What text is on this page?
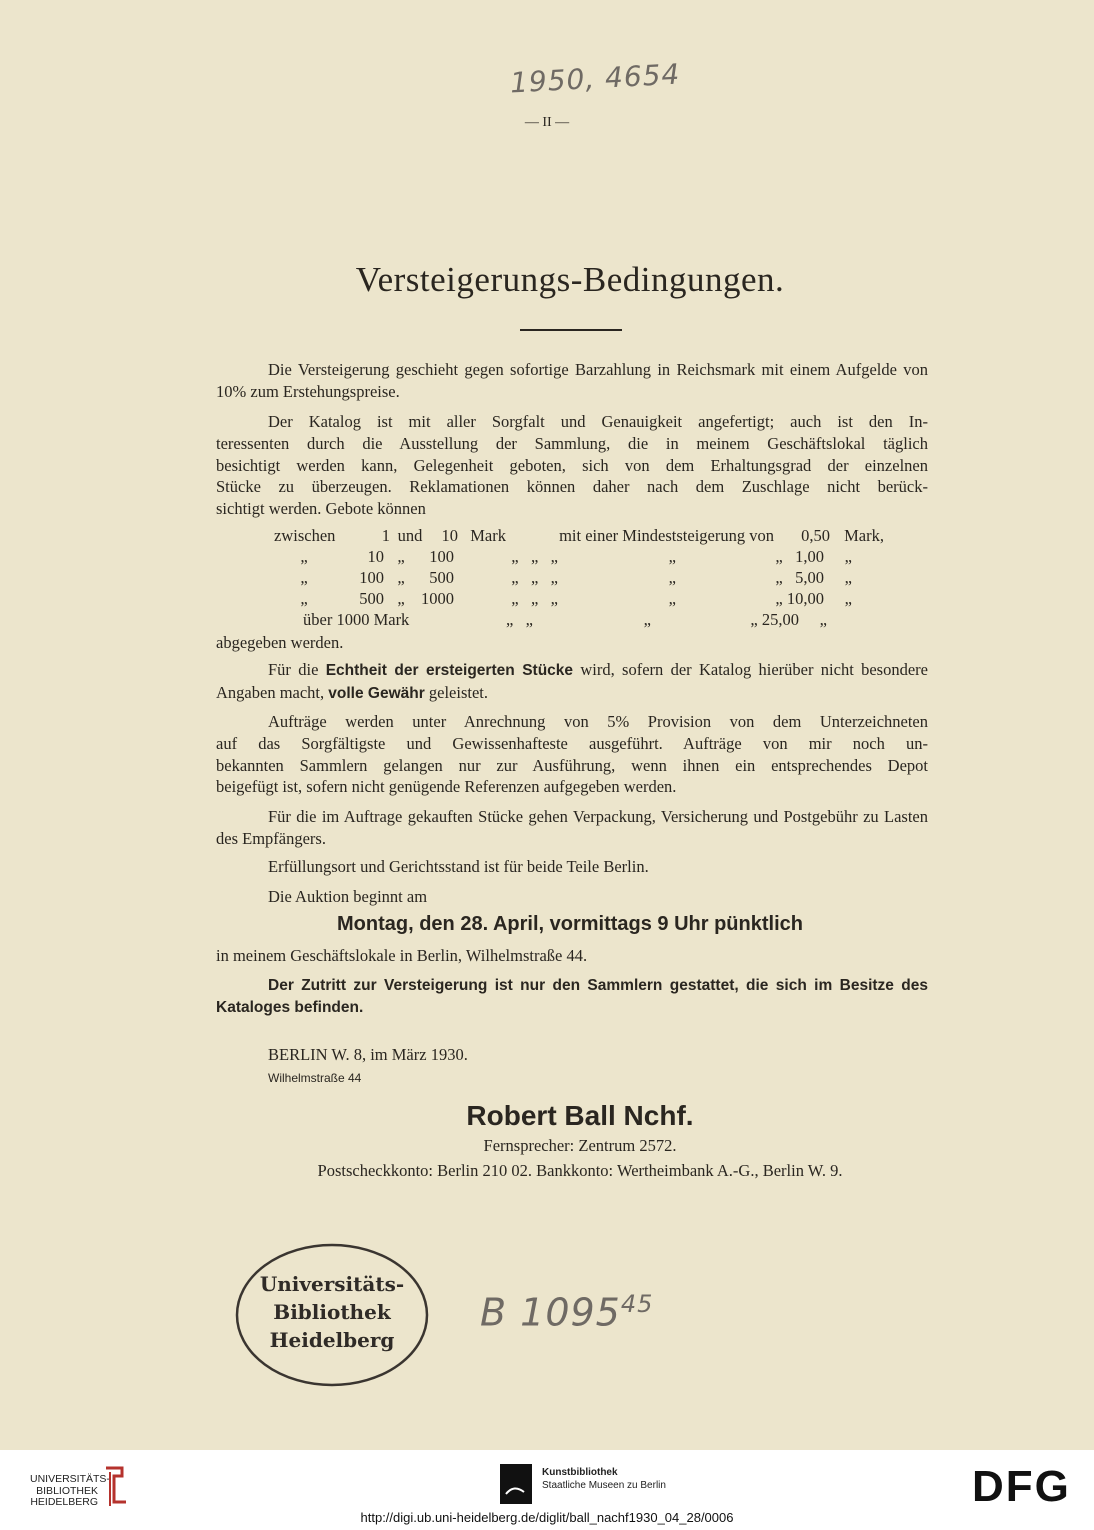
1950, 4654
— II —
Versteigerungs-Bedingungen.
Die Versteigerung geschieht gegen sofortige Barzahlung in Reichsmark mit einem Aufgelde von 10% zum Erstehungspreise.
Der Katalog ist mit aller Sorgfalt und Genauigkeit angefertigt; auch ist den In-
teressenten durch die Ausstellung der Sammlung, die in meinem Geschäftslokal täglich
besichtigt werden kann, Gelegenheit geboten, sich von dem Erhaltungsgrad der einzelnen
Stücke zu überzeugen. Reklamationen können daher nach dem Zuschlage nicht berück-
sichtigt werden. Gebote können
zwischen	1 und 10 Mark	mit einer Mindeststeigerung von 0,50 Mark,
„	10 „ 100	„   „   „	„	„   1,00 „
„	100 „ 500	„   „   „	„	„   5,00 „
„	500 „ 1000	„   „   „	„	„ 10,00 „
über 1000 Mark	„   „	„	„ 25,00 „
abgegeben werden.
Für die Echtheit der ersteigerten Stücke wird, sofern der Katalog hierüber nicht besondere Angaben macht, volle Gewähr geleistet.
Aufträge werden unter Anrechnung von 5% Provision von dem Unterzeichneten
auf das Sorgfältigste und Gewissenhafteste ausgeführt. Aufträge von mir noch un-
bekannten Sammlern gelangen nur zur Ausführung, wenn ihnen ein entsprechendes Depot
beigefügt ist, sofern nicht genügende Referenzen aufgegeben werden.
Für die im Auftrage gekauften Stücke gehen Verpackung, Versicherung und Postgebühr zu Lasten des Empfängers.
Erfüllungsort und Gerichtsstand ist für beide Teile Berlin.
Die Auktion beginnt am
Montag, den 28. April, vormittags 9 Uhr pünktlich
in meinem Geschäftslokale in Berlin, Wilhelmstraße 44.
Der Zutritt zur Versteigerung ist nur den Sammlern gestattet, die sich im Besitze des Kataloges befinden.
BERLIN W. 8, im März 1930.
Wilhelmstraße 44
Robert Ball Nchf.
Fernsprecher: Zentrum 2572.
Postscheckkonto: Berlin 210 02. Bankkonto: Wertheimbank A.-G., Berlin W. 9.
Universitäts-
Bibliothek
Heidelberg
B 1095$^{45}$
UNIVERSITÄTS-
BIBLIOTHEK
HEIDELBERG
Kunstbibliothek
Staatliche Museen zu Berlin	DFG
http://digi.ub.uni-heidelberg.de/diglit/ball_nachf1930_04_28/0006
